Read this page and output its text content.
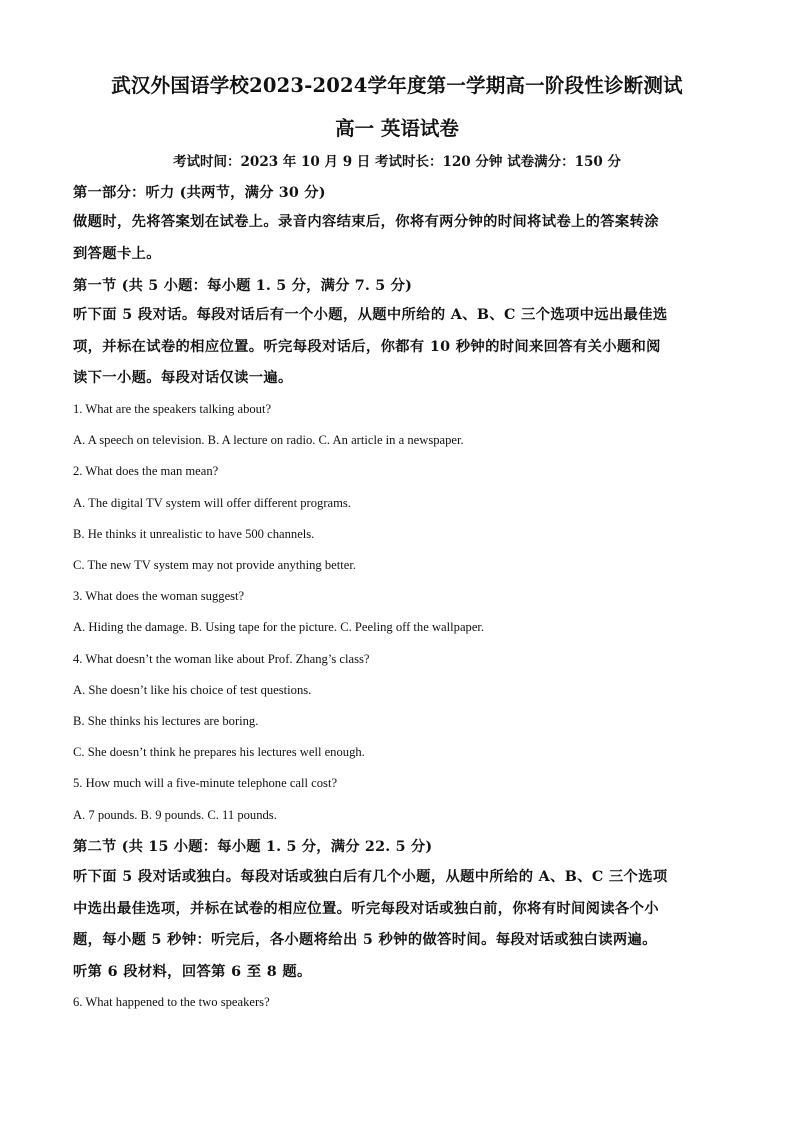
武汉外国语学校2023-2024学年度第一学期高一阶段性诊断测试
高一 英语试卷
考试时间：2023 年 10 月 9 日 考试时长：120 分钟 试卷满分：150 分
第一部分：听力 (共两节，满分 30 分)
做题时，先将答案划在试卷上。录音内容结束后，你将有两分钟的时间将试卷上的答案转涂
到答题卡上。
第一节 (共 5 小题：每小题 1. 5 分，满分 7. 5 分)
听下面 5 段对话。每段对话后有一个小题，从题中所给的 A、B、C 三个选项中远出最佳选
项，并标在试卷的相应位置。听完每段对话后，你都有 10 秒钟的时间来回答有关小题和阅
读下一小题。每段对话仅读一遍。
1. What are the speakers talking about?
A. A speech on television. B. A lecture on radio. C. An article in a newspaper.
2. What does the man mean?
A. The digital TV system will offer different programs.
B. He thinks it unrealistic to have 500 channels.
C. The new TV system may not provide anything better.
3. What does the woman suggest?
A. Hiding the damage. B. Using tape for the picture. C. Peeling off the wallpaper.
4. What doesn’t the woman like about Prof. Zhang’s class?
A. She doesn’t like his choice of test questions.
B. She thinks his lectures are boring.
C. She doesn’t think he prepares his lectures well enough.
5. How much will a five-minute telephone call cost?
A. 7 pounds. B. 9 pounds. C. 11 pounds.
第二节 (共 15 小题：每小题 1. 5 分，满分 22. 5 分)
听下面 5 段对话或独白。每段对话或独白后有几个小题，从题中所给的 A、B、C 三个选项
中选出最佳选项，并标在试卷的相应位置。听完每段对话或独白前，你将有时间阅读各个小
题，每小题 5 秒钟：听完后，各小题将给出 5 秒钟的做答时间。每段对话或独白读两遍。
听第 6 段材料，回答第 6 至 8 题。
6. What happened to the two speakers?
